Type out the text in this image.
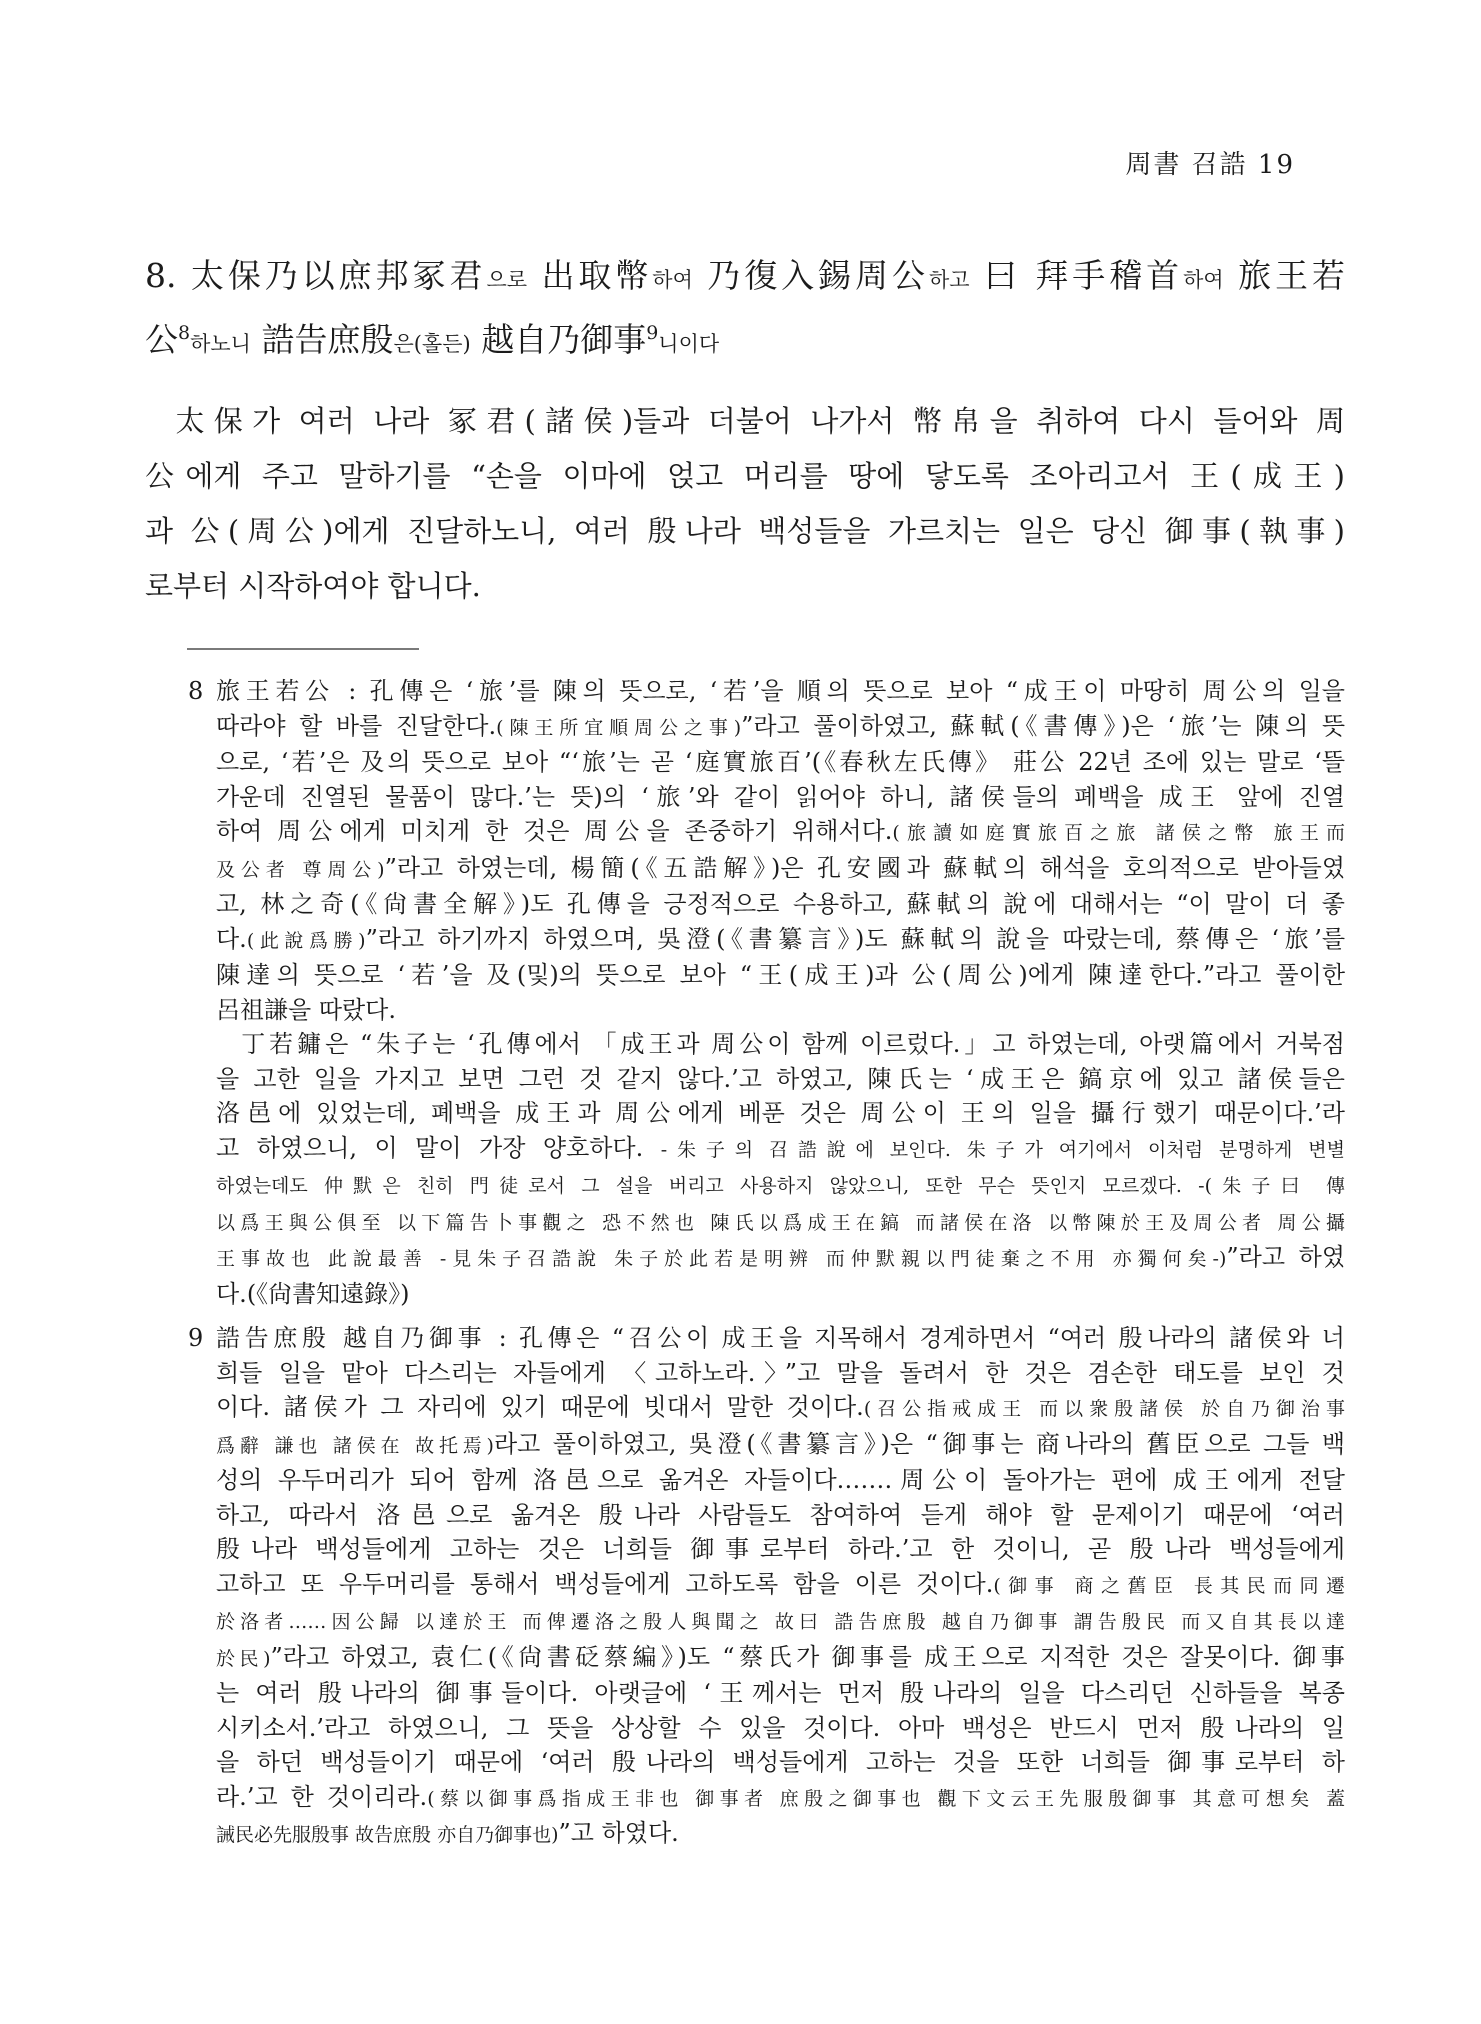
周書 召誥 19
8. 太保乃以庶邦冢君으로 出取幣하여 乃復入錫周公하고 曰 拜手稽首하여 旅王若
公$^8$하노니 誥告庶殷은(홀든) 越自乃御事$^9$니이다
太保가 여러 나라 冢君(諸侯)들과 더불어 나가서 幣帛을 취하여 다시 들어와 周
公에게 주고 말하기를 “손을 이마에 얹고 머리를 땅에 닿도록 조아리고서 王(成王)
과 公(周公)에게 진달하노니, 여러 殷나라 백성들을 가르치는 일은 당신 御事(執事)
로부터 시작하여야 합니다.
8 旅王若公 : 孔傳은 ‘旅’를 陳의 뜻으로, ‘若’을 順의 뜻으로 보아 “成王이 마땅히 周公의 일을
따라야 할 바를 진달한다.(陳王所宜順周公之事)”라고 풀이하였고, 蘇軾(《書傳》)은 ‘旅’는 陳의 뜻
으로, ‘若’은 及의 뜻으로 보아 “‘旅’는 곧 ‘庭實旅百’(《春秋左氏傳》 莊公 22년 조에 있는 말로 ‘뜰
가운데 진열된 물품이 많다.’는 뜻)의 ‘旅’와 같이 읽어야 하니, 諸侯들의 폐백을 成王 앞에 진열
하여 周公에게 미치게 한 것은 周公을 존중하기 위해서다.(旅讀如庭實旅百之旅 諸侯之幣 旅王而
及公者 尊周公)”라고 하였는데, 楊簡(《五誥解》)은 孔安國과 蘇軾의 해석을 호의적으로 받아들였
고, 林之奇(《尙書全解》)도 孔傳을 긍정적으로 수용하고, 蘇軾의 說에 대해서는 “이 말이 더 좋
다.(此說爲勝)”라고 하기까지 하였으며, 吳澄(《書纂言》)도 蘇軾의 說을 따랐는데, 蔡傳은 ‘旅’를
陳達의 뜻으로 ‘若’을 及(및)의 뜻으로 보아 “王(成王)과 公(周公)에게 陳達한다.”라고 풀이한
呂祖謙을 따랐다.
丁若鏞은 “朱子는 ‘孔傳에서 「成王과 周公이 함께 이르렀다.」고 하였는데, 아랫篇에서 거북점
을 고한 일을 가지고 보면 그런 것 같지 않다.’고 하였고, 陳氏는 ‘成王은 鎬京에 있고 諸侯들은
洛邑에 있었는데, 폐백을 成王과 周公에게 베푼 것은 周公이 王의 일을 攝行했기 때문이다.’라
고 하였으니, 이 말이 가장 양호하다. -朱子의 召誥說에 보인다. 朱子가 여기에서 이처럼 분명하게 변별
하였는데도 仲默은 친히 門徒로서 그 설을 버리고 사용하지 않았으니, 또한 무슨 뜻인지 모르겠다. -(朱子曰 傳
以爲王與公俱至 以下篇告卜事觀之 恐不然也 陳氏以爲成王在鎬 而諸侯在洛 以幣陳於王及周公者 周公攝
王事故也 此說最善 -見朱子召誥說 朱子於此若是明辨 而仲默親以門徒棄之不用 亦獨何矣-)”라고 하였
다.(《尙書知遠錄》)
9 誥告庶殷 越自乃御事 : 孔傳은 “召公이 成王을 지목해서 경계하면서 “여러 殷나라의 諸侯와 너
희들 일을 맡아 다스리는 자들에게 〈고하노라.〉”고 말을 돌려서 한 것은 겸손한 태도를 보인 것
이다. 諸侯가 그 자리에 있기 때문에 빗대서 말한 것이다.(召公指戒成王 而以衆殷諸侯 於自乃御治事
爲辭 謙也 諸侯在 故托焉)라고 풀이하였고, 吳澄(《書纂言》)은 “御事는 商나라의 舊臣으로 그들 백
성의 우두머리가 되어 함께 洛邑으로 옮겨온 자들이다.……周公이 돌아가는 편에 成王에게 전달
하고, 따라서 洛邑으로 옮겨온 殷나라 사람들도 참여하여 듣게 해야 할 문제이기 때문에 ‘여러
殷나라 백성들에게 고하는 것은 너희들 御事로부터 하라.’고 한 것이니, 곧 殷나라 백성들에게
고하고 또 우두머리를 통해서 백성들에게 고하도록 함을 이른 것이다.(御事 商之舊臣 長其民而同遷
於洛者……因公歸 以達於王 而俾遷洛之殷人與聞之 故曰 誥告庶殷 越自乃御事 謂告殷民 而又自其長以達
於民)”라고 하였고, 袁仁(《尙書砭蔡編》)도 “蔡氏가 御事를 成王으로 지적한 것은 잘못이다. 御事
는 여러 殷나라의 御事들이다. 아랫글에 ‘王께서는 먼저 殷나라의 일을 다스리던 신하들을 복종
시키소서.’라고 하였으니, 그 뜻을 상상할 수 있을 것이다. 아마 백성은 반드시 먼저 殷나라의 일
을 하던 백성들이기 때문에 ‘여러 殷나라의 백성들에게 고하는 것을 또한 너희들 御事로부터 하
라.’고 한 것이리라.(蔡以御事爲指成王非也 御事者 庶殷之御事也 觀下文云王先服殷御事 其意可想矣 蓋
誡民必先服殷事 故告庶殷 亦自乃御事也)”고 하였다.
